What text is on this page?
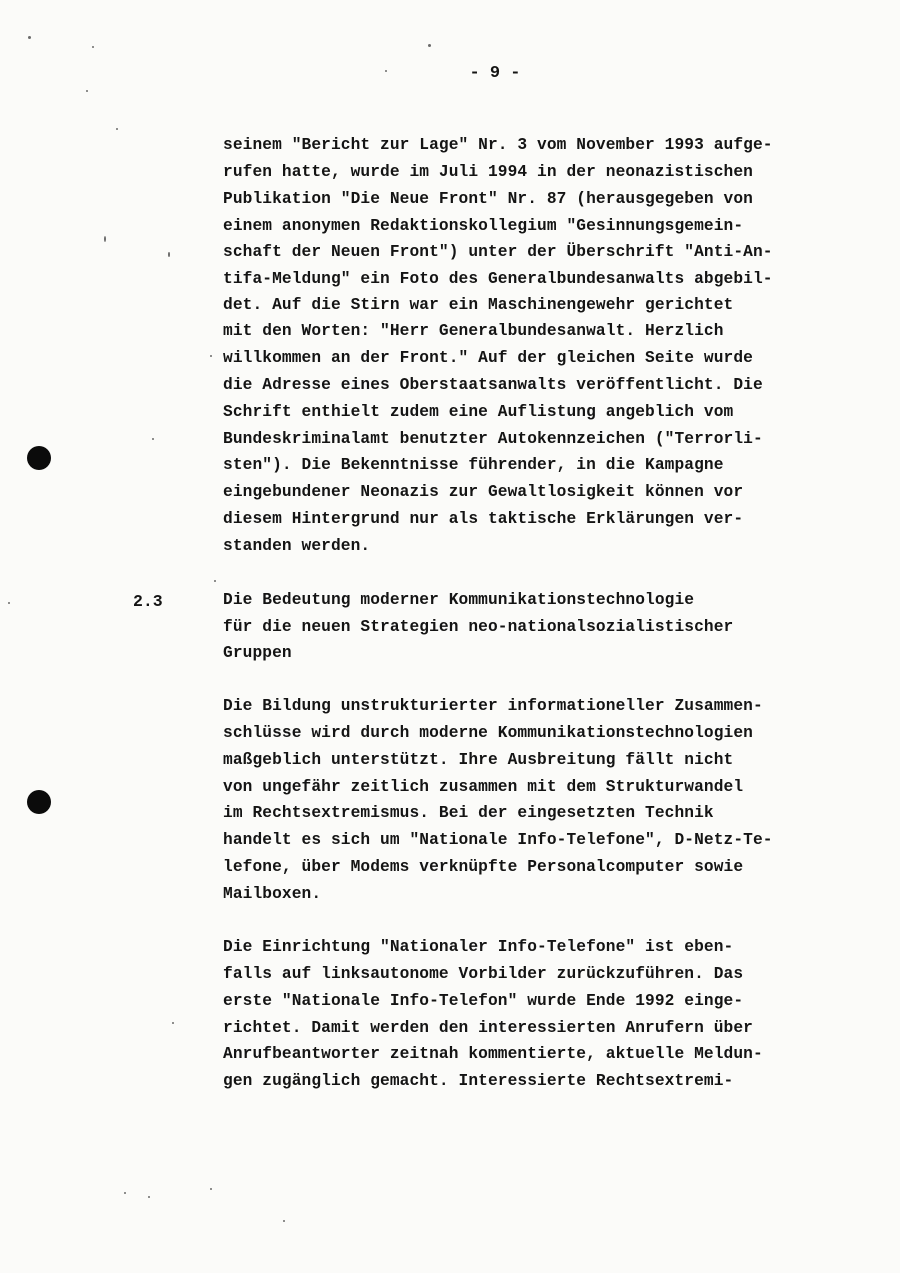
- 9 -
seinem "Bericht zur Lage" Nr. 3 vom November 1993 aufge-
rufen hatte, wurde im Juli 1994 in der neonazistischen
Publikation "Die Neue Front" Nr. 87 (herausgegeben von
einem anonymen Redaktionskollegium "Gesinnungsgemein-
schaft der Neuen Front") unter der Überschrift "Anti-An-
tifa-Meldung" ein Foto des Generalbundesanwalts abgebil-
det. Auf die Stirn war ein Maschinengewehr gerichtet
mit den Worten: "Herr Generalbundesanwalt. Herzlich
willkommen an der Front." Auf der gleichen Seite wurde
die Adresse eines Oberstaatsanwalts veröffentlicht. Die
Schrift enthielt zudem eine Auflistung angeblich vom
Bundeskriminalamt benutzter Autokennzeichen ("Terrorli-
sten"). Die Bekenntnisse führender, in die Kampagne
eingebundener Neonazis zur Gewaltlosigkeit können vor
diesem Hintergrund nur als taktische Erklärungen ver-
standen werden.
2.3	Die Bedeutung moderner Kommunikationstechnologie
für die neuen Strategien neo-nationalsozialistischer
Gruppen
Die Bildung unstrukturierter informationeller Zusammen-
schlüsse wird durch moderne Kommunikationstechnologien
maßgeblich unterstützt. Ihre Ausbreitung fällt nicht
von ungefähr zeitlich zusammen mit dem Strukturwandel
im Rechtsextremismus. Bei der eingesetzten Technik
handelt es sich um "Nationale Info-Telefone", D-Netz-Te-
lefone, über Modems verknüpfte Personalcomputer sowie
Mailboxen.
Die Einrichtung "Nationaler Info-Telefone" ist eben-
falls auf linksautonome Vorbilder zurückzuführen. Das
erste "Nationale Info-Telefon" wurde Ende 1992 einge-
richtet. Damit werden den interessierten Anrufern über
Anrufbeantworter zeitnah kommentierte, aktuelle Meldun-
gen zugänglich gemacht. Interessierte Rechtsextremi-
